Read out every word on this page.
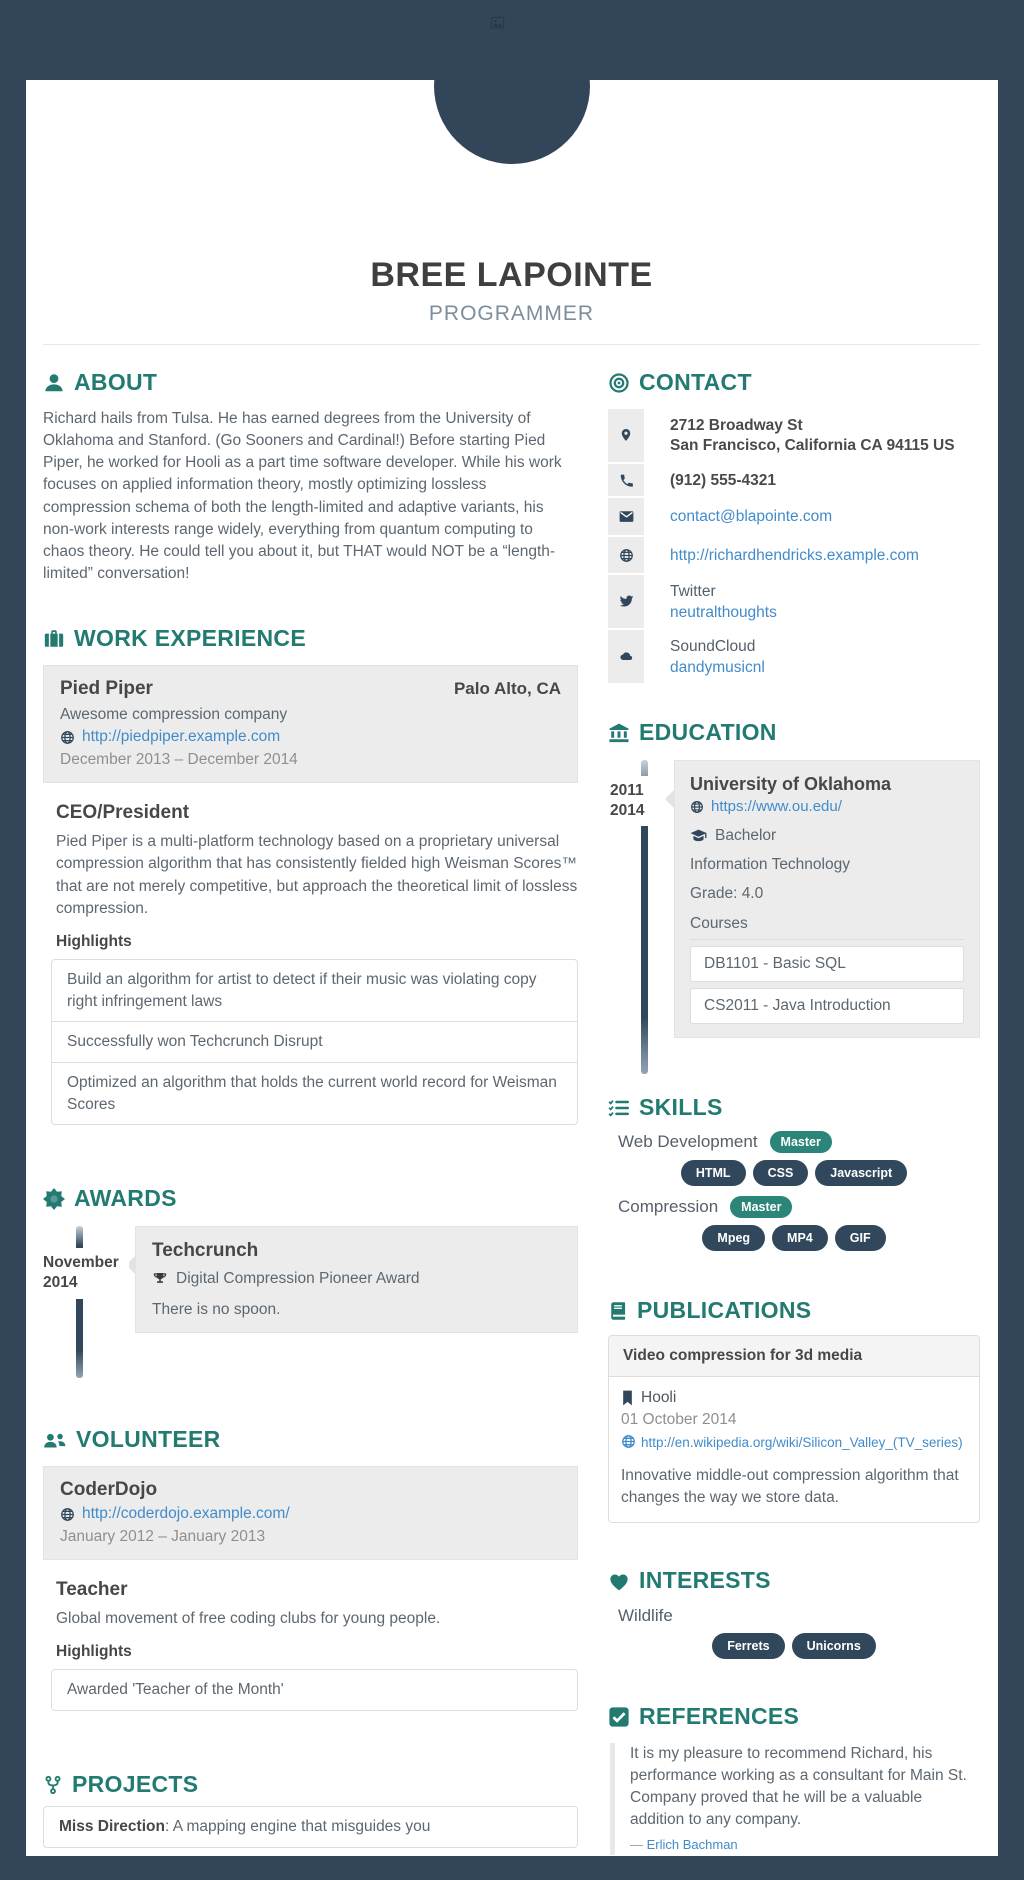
BREE LAPOINTE
PROGRAMMER
ABOUT
Richard hails from Tulsa. He has earned degrees from the University of Oklahoma and Stanford. (Go Sooners and Cardinal!) Before starting Pied Piper, he worked for Hooli as a part time software developer. While his work focuses on applied information theory, mostly optimizing lossless compression schema of both the length-limited and adaptive variants, his non-work interests range widely, everything from quantum computing to chaos theory. He could tell you about it, but THAT would NOT be a “length-limited” conversation!
WORK EXPERIENCE
Pied Piper	Palo Alto, CA
Awesome compression company
http://piedpiper.example.com
December 2013 – December 2014
CEO/President
Pied Piper is a multi-platform technology based on a proprietary universal compression algorithm that has consistently fielded high Weisman Scores™ that are not merely competitive, but approach the theoretical limit of lossless compression.
Highlights
Build an algorithm for artist to detect if their music was violating copy right infringement laws
Successfully won Techcrunch Disrupt
Optimized an algorithm that holds the current world record for Weisman Scores
AWARDS
November
2014
Techcrunch
Digital Compression Pioneer Award
There is no spoon.
VOLUNTEER
CoderDojo
http://coderdojo.example.com/
January 2012 – January 2013
Teacher
Global movement of free coding clubs for young people.
Highlights
Awarded 'Teacher of the Month'
PROJECTS
Miss Direction: A mapping engine that misguides you
CONTACT
2712 Broadway St
San Francisco, California CA 94115 US
(912) 555-4321
contact@blapointe.com
http://richardhendricks.example.com
Twitter
neutralthoughts
SoundCloud
dandymusicnl
EDUCATION
2011
2014
University of Oklahoma
https://www.ou.edu/
Bachelor
Information Technology
Grade: 4.0
Courses
DB1101 - Basic SQL
CS2011 - Java Introduction
SKILLS
Web Development	Master
HTML	CSS	Javascript
Compression	Master
Mpeg	MP4	GIF
PUBLICATIONS
Video compression for 3d media
Hooli
01 October 2014
http://en.wikipedia.org/wiki/Silicon_Valley_(TV_series)
Innovative middle-out compression algorithm that changes the way we store data.
INTERESTS
Wildlife
Ferrets	Unicorns
REFERENCES
It is my pleasure to recommend Richard, his performance working as a consultant for Main St. Company proved that he will be a valuable addition to any company.
— Erlich Bachman
